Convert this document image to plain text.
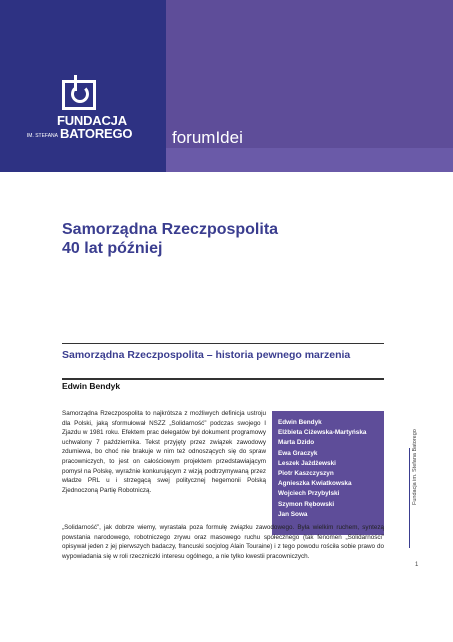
FUNDACJA
IM. STEFANA BATOREGO forumIdei
Samorządna Rzeczpospolita
40 lat później
Samorządna Rzeczpospolita – historia pewnego marzenia
Edwin Bendyk
Samorządna Rzeczpospolita to najkrótsza z możliwych definicja ustroju dla Polski, jaką sformułował NSZZ „Solidarność” podczas swojego I Zjazdu w 1981 roku. Efektem prac delegatów był dokument programowy uchwalony 7 października. Tekst przyjęty przez związek zawodowy zdumiewa, bo choć nie brakuje w nim też odnoszących się do spraw pracowniczych, to jest on całościowym projektem przedstawiającym pomysł na Polskę, wyraźnie konkurującym z wizją podtrzymywaną przez władze PRL u i strzegącą swej politycznej hegemonii Polską Zjednoczoną Partię Robotniczą.
Edwin Bendyk
Elżbieta Ciżewska-Martyńska
Marta Dzido
Ewa Graczyk
Leszek Jażdżewski
Piotr Kaszczyszyn
Agnieszka Kwiatkowska
Wojciech Przybylski
Szymon Rębowski
Jan Sowa
„Solidarność”, jak dobrze wiemy, wyrastała poza formułę związku zawodowego. Była wielkim ruchem, syntezą powstania narodowego, robotniczego zrywu oraz masowego ruchu społecznego (tak fenomen „Solidarności” opisywał jeden z jej pierwszych badaczy, francuski socjolog Alain Touraine) i z tego powodu rościła sobie prawo do wypowiadania się w roli rzeczniczki interesu ogólnego, a nie tylko kwestii pracowniczych.
Fundacja im. Stefana Batorego
1
